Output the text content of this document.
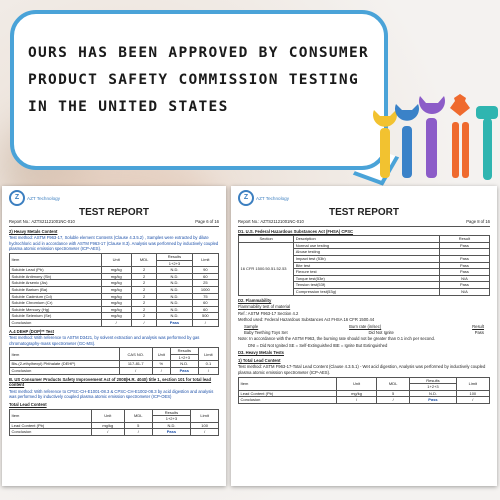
OURS HAS BEEN APPROVED BY CONSUMER PRODUCT SAFETY COMMISSION TESTING IN THE UNITED STATES
Z	AZT Technology
TEST REPORT
Report No.: AZTS21121001NC-010	Page 6 of 16
2) Heavy Metals Content

Test method: ASTM F963-17, Soluble element Contents (Clause 4.3.5.2) , Samples were extracted by dilute hydrochloric acid in accordance with ASTM F963-17 (Clause 8.3). Analysis was performed by inductively coupled plasma atomic emission spectrometer (ICP-AES).

Item	Unit	MDL	Results	Limit
			1+2+3	
Soluble Lead (Pb)	mg/kg	2	N.D.	90
Soluble Antimony (Sb)	mg/kg	2	N.D.	60
Soluble Arsenic (As)	mg/kg	2	N.D.	25
Soluble Barium (Ba)	mg/kg	2	N.D.	1000
Soluble Cadmium (Cd)	mg/kg	2	N.D.	75
Soluble Chromium (Cr)	mg/kg	2	N.D.	60
Soluble Mercury (Hg)	mg/kg	2	N.D.	60
Soluble Selenium (Se)	mg/kg	2	N.D.	500
Conclusion	/	/	Pass	/
A.4 DEHP (DOP)** Test

Test method: With reference to ASTM D3421, by solvent extraction and analysis was performed by gas chromatography-mass spectrometer (GC-MS).

Item	CAS NO.	Unit	Results	Limit
			1+2+3	
Bis-(2-ethylhexyl) Phthalate (DEHP)	117-81-7	%	N.D.	0.1
Conclusion	/	/	Pass	/
B. US Consumer Products Safety Improvement Act of 2008(H.R. 4040) title 1, section 101 for total lead content

Test method: With reference to CPSC-CH-E1001-08.3 & CPSC-CH-E1002-08.3 by acid digestion and analysis was performed by inductively coupled plasma atomic emission spectrometer (ICP-OES)

Total Lead Content
Item	Unit	MDL	Results	Limit
			1+2+3	
Lead Content (Pb)	mg/kg	5	N.D.	100
Conclusion	/	/	Pass	/
Z	AZT Technology
TEST REPORT
Report No.: AZTS21121001NC-010	Page 8 of 16
D1. U.S. Federal Hazardous Substances Act (FHSA) CPSC
Section	Description	Result
16 CFR 1500.50.51.52.53	Normal use testing	Pass
	Abuse testing	
	Impact test (53b)	Pass
	Bite test	Pass
	Flexure test	Pass
	Torque test(53e)	N/A
	Tension test(53f)	Pass
	Compression test(53g)	N/A
D2. Flammability

Flammability test of material

Ref.: ASTM F963-17 Section 4.2

Method used: Federal Hazardous Substances Act FHSA 16 CFR 1500.44

Sample	Burn rate (in/sec)	Result
Baby Teething Toys Set	Did Not Ignite	Pass

Note: In accordance with the ASTM F963, the burning rate should not be greater than 0.1 inch per second.

DNI = Did Not Ignited SE = Self-Extinguished IBE = Ignite But Extinguished

D3. Heavy Metals Tests
1) Total Lead Content

Test method: ASTM F963-17-Total Lead Content (Clause 4.3.5.1) - Wet acid digestion, Analysis was performed by inductively coupled plasma atomic emission spectrometer (ICP-AES).

Item	Unit	MDL	Results	Limit
			1+2+3	
Lead Content (Pb)	mg/kg	5	N.D.	100
Conclusion	/	/	Pass	/
